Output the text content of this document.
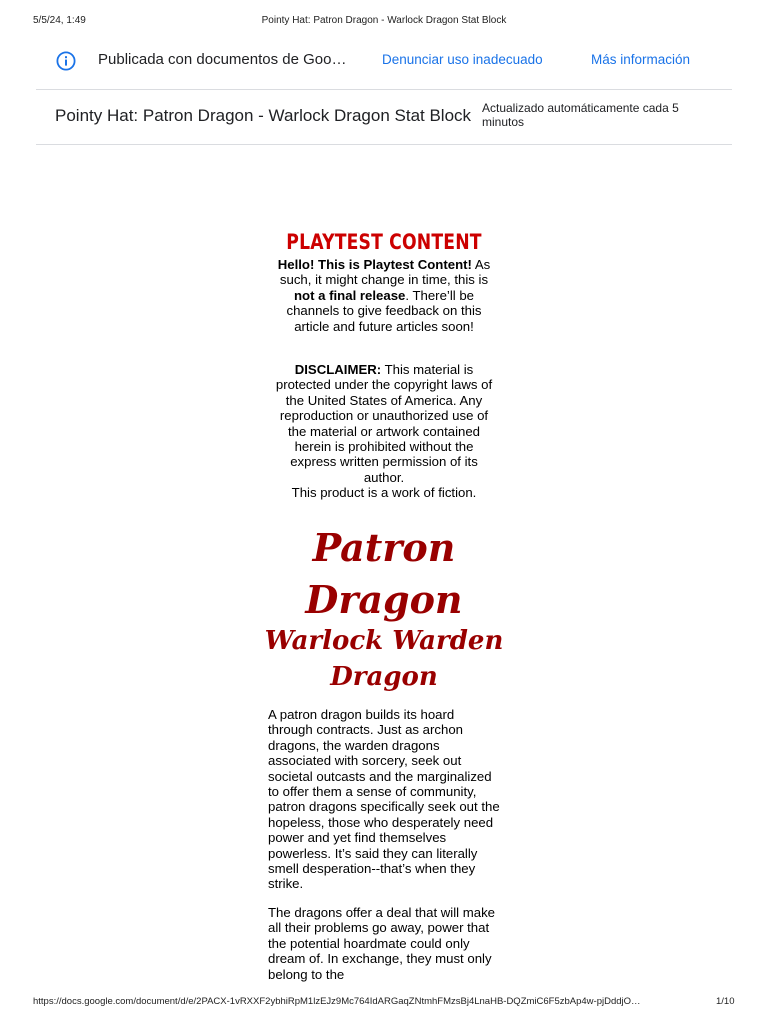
5/5/24, 1:49	Pointy Hat: Patron Dragon - Warlock Dragon Stat Block
Publicada con documentos de Goo…	Denunciar uso inadecuado	Más información
Pointy Hat: Patron Dragon - Warlock Dragon Stat Block Actualizado automáticamente cada 5 minutos
PLAYTEST CONTENT

Hello! This is Playtest Content! As such, it might change in time, this is not a final release. There’ll be channels to give feedback on this article and future articles soon!

DISCLAIMER: This material is protected under the copyright laws of the United States of America. Any reproduction or unauthorized use of the material or artwork contained herein is prohibited without the express written permission of its author.

This product is a work of fiction.

Patron
Dragon
Warlock Warden
Dragon

A patron dragon builds its hoard through contracts. Just as archon dragons, the warden dragons associated with sorcery, seek out societal outcasts and the marginalized to offer them a sense of community, patron dragons specifically seek out the hopeless, those who desperately need power and yet find themselves powerless. It’s said they can literally smell desperation--that’s when they strike.

The dragons offer a deal that will make all their problems go away, power that the potential hoardmate could only dream of. In exchange, they must only belong to the

https://docs.google.com/document/d/e/2PACX-1vRXXF2ybhiRpM1lzEJz9Mc764IdARGaqZNtmhFMzsBj4LnaHB-DQZmiC6F5zbAp4w-pjDddjO…	1/10
